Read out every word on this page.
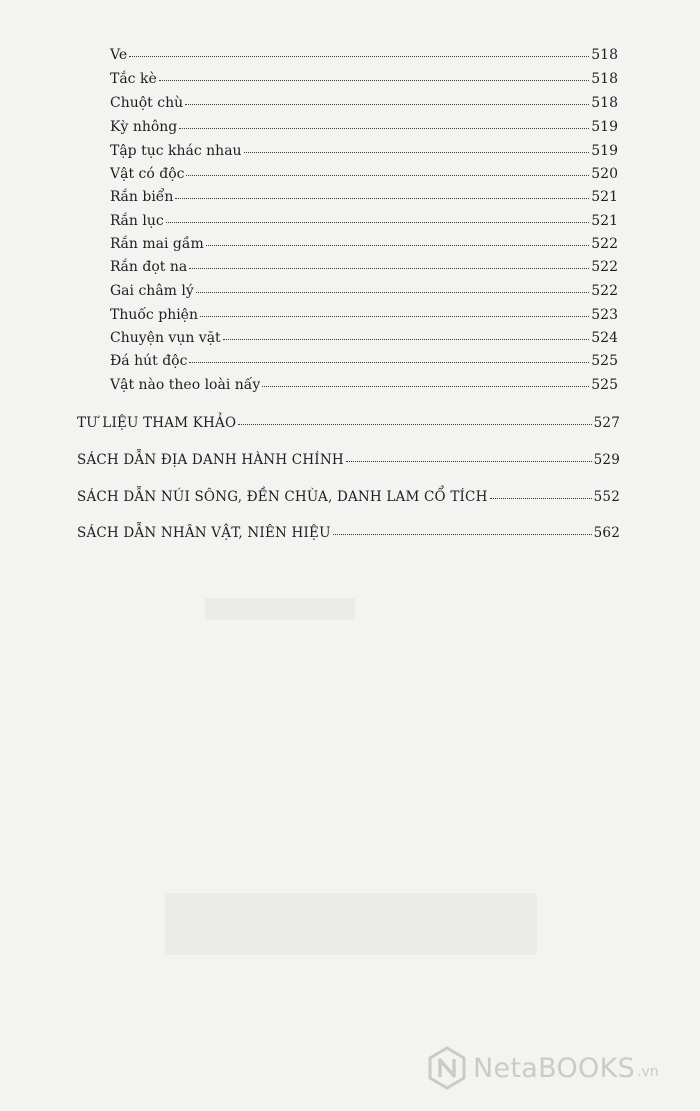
Ve	518
Tắc kè	518
Chuột chù	518
Kỳ nhông	519
Tập tục khác nhau	519
Vật có độc	520
Rắn biển	521
Rắn lục	521
Rắn mai gầm	522
Rắn đọt na	522
Gai châm lý	522
Thuốc phiện	523
Chuyện vụn vặt	524
Đá hút độc	525
Vật nào theo loài nấy	525
TƯ LIỆU THAM KHẢO	527
SÁCH DẪN ĐỊA DANH HÀNH CHÍNH	529
SÁCH DẪN NÚI SÔNG, ĐỀN CHÙA, DANH LAM CỔ TÍCH	552
SÁCH DẪN NHÂN VẬT, NIÊN HIỆU	562
NetaBOOKS .vn
